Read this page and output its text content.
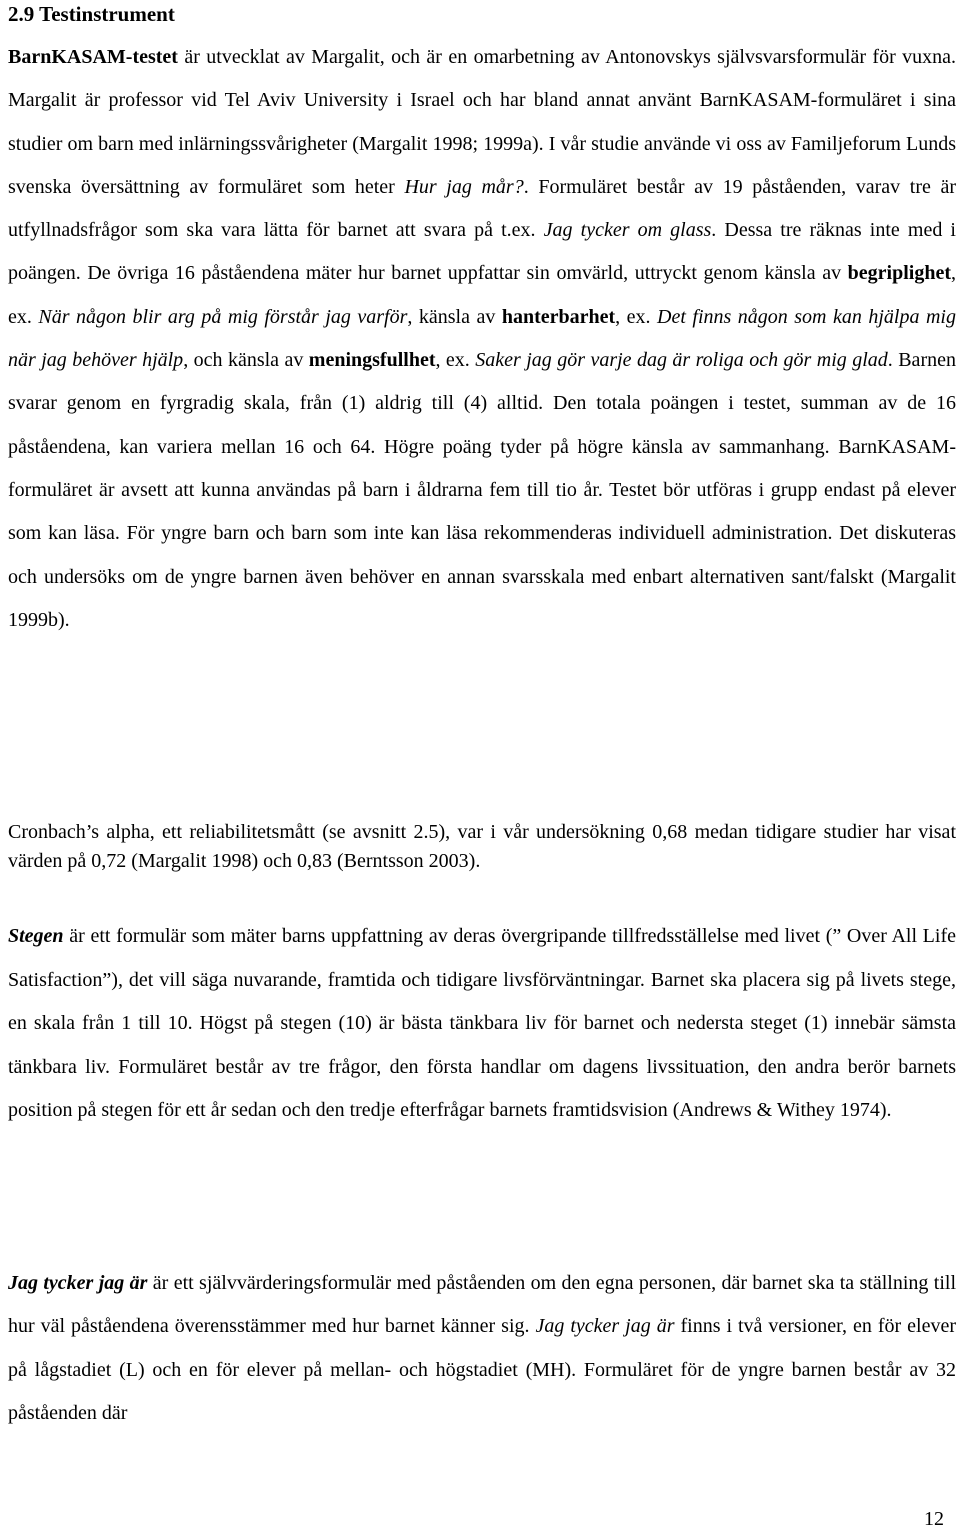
2.9 Testinstrument

BarnKASAM-testet är utvecklat av Margalit, och är en omarbetning av Antonovskys självsvarsformulär för vuxna. Margalit är professor vid Tel Aviv University i Israel och har bland annat använt BarnKASAM-formuläret i sina studier om barn med inlärningssvårigheter (Margalit 1998; 1999a). I vår studie använde vi oss av Familjeforum Lunds svenska översättning av formuläret som heter Hur jag mår?. Formuläret består av 19 påståenden, varav tre är utfyllnadsfrågor som ska vara lätta för barnet att svara på t.ex. Jag tycker om glass. Dessa tre räknas inte med i poängen. De övriga 16 påståendena mäter hur barnet uppfattar sin omvärld, uttryckt genom känsla av begriplighet, ex. När någon blir arg på mig förstår jag varför, känsla av hanterbarhet, ex. Det finns någon som kan hjälpa mig när jag behöver hjälp, och känsla av meningsfullhet, ex. Saker jag gör varje dag är roliga och gör mig glad. Barnen svarar genom en fyrgradig skala, från (1) aldrig till (4) alltid. Den totala poängen i testet, summan av de 16 påståendena, kan variera mellan 16 och 64. Högre poäng tyder på högre känsla av sammanhang. BarnKASAM-formuläret är avsett att kunna användas på barn i åldrarna fem till tio år. Testet bör utföras i grupp endast på elever som kan läsa. För yngre barn och barn som inte kan läsa rekommenderas individuell administration. Det diskuteras och undersöks om de yngre barnen även behöver en annan svarsskala med enbart alternativen sant/falskt (Margalit 1999b).

Cronbach’s alpha, ett reliabilitetsmått (se avsnitt 2.5), var i vår undersökning 0,68 medan tidigare studier har visat värden på 0,72 (Margalit 1998) och 0,83 (Berntsson 2003).

Stegen är ett formulär som mäter barns uppfattning av deras övergripande tillfredsställelse med livet (” Over All Life Satisfaction”), det vill säga nuvarande, framtida och tidigare livsförväntningar. Barnet ska placera sig på livets stege, en skala från 1 till 10. Högst på stegen (10) är bästa tänkbara liv för barnet och nedersta steget (1) innebär sämsta tänkbara liv. Formuläret består av tre frågor, den första handlar om dagens livssituation, den andra berör barnets position på stegen för ett år sedan och den tredje efterfrågar barnets framtidsvision (Andrews & Withey 1974).

Jag tycker jag är är ett självvärderingsformulär med påståenden om den egna personen, där barnet ska ta ställning till hur väl påståendena överensstämmer med hur barnet känner sig. Jag tycker jag är finns i två versioner, en för elever på lågstadiet (L) och en för elever på mellan- och högstadiet (MH). Formuläret för de yngre barnen består av 32 påståenden där

12
